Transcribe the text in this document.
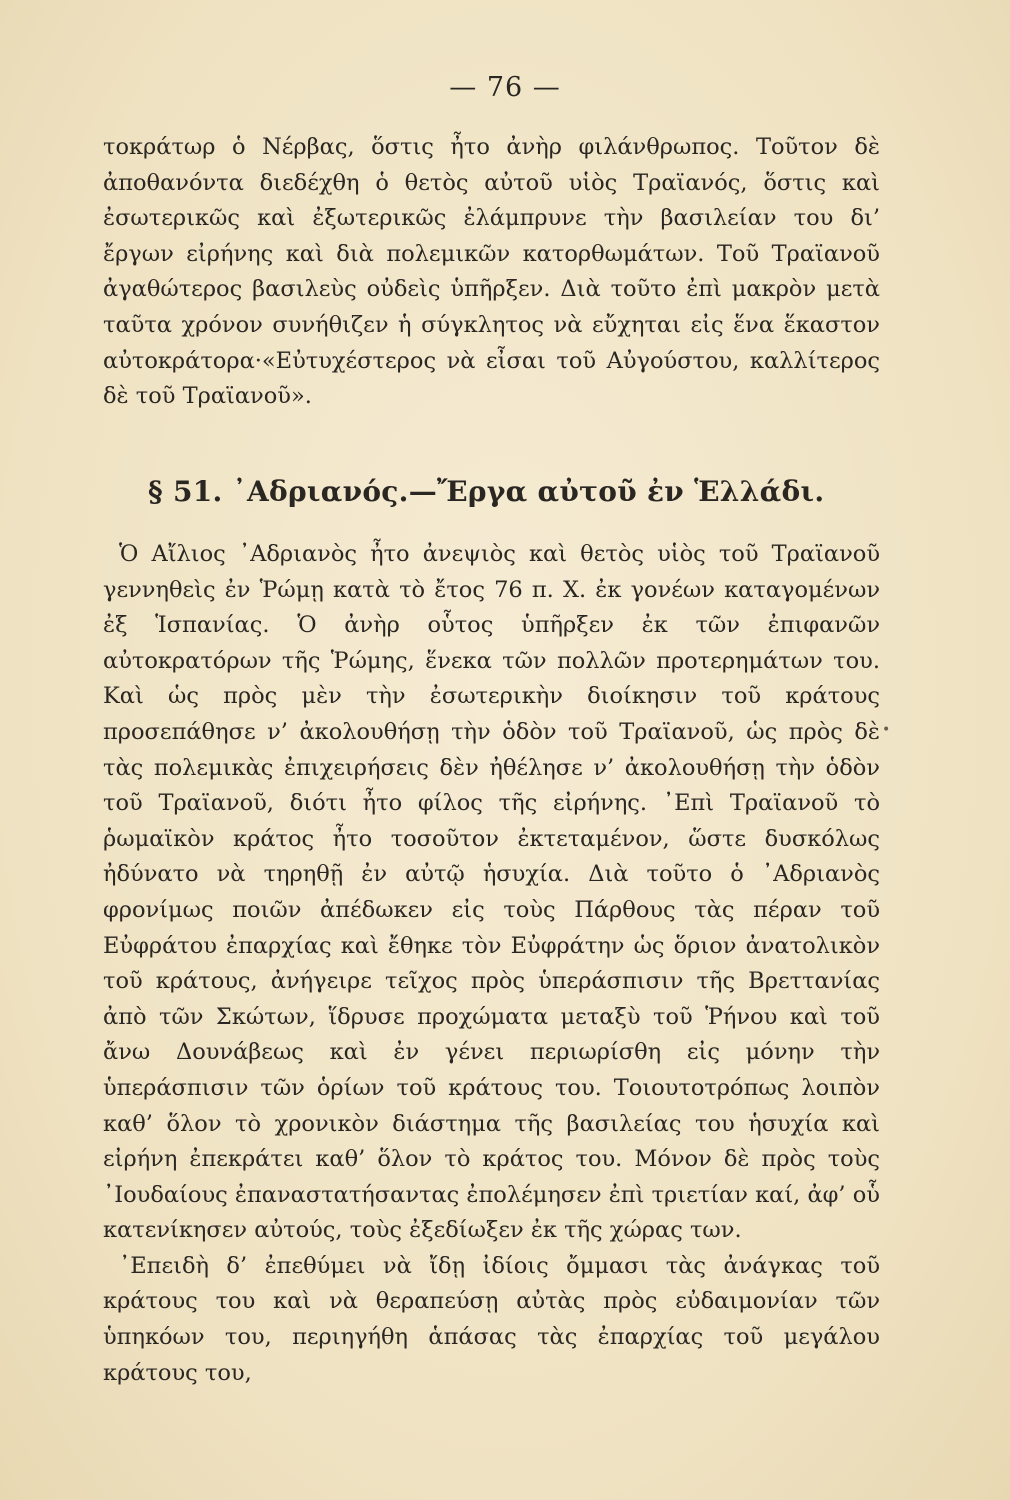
— 76 —

τοκράτωρ ὁ Νέρβας, ὅστις ἦτο ἀνὴρ φιλάνθρωπος. Τοῦτον δὲ ἀποθανόντα διεδέχθη ὁ θετὸς αὐτοῦ υἱὸς Τραϊανός, ὅστις καὶ ἐσωτερικῶς καὶ ἐξωτερικῶς ἐλάμπρυνε τὴν βασιλείαν του δι’ ἔργων εἰρήνης καὶ διὰ πολεμικῶν κατορθωμάτων. Τοῦ Τραϊανοῦ ἀγαθώτερος βασιλεὺς οὐδεὶς ὑπῆρξεν. Διὰ τοῦτο ἐπὶ μακρὸν μετὰ ταῦτα χρόνον συνήθιζεν ἡ σύγκλητος νὰ εὔχηται εἰς ἕνα ἕκαστον αὐτοκράτορα·«Εὐτυχέστερος νὰ εἶσαι τοῦ Αὐγούστου, καλλίτερος δὲ τοῦ Τραϊανοῦ».

§ 51. ᾿Αδριανός.—Ἔργα αὐτοῦ ἐν Ἑλλάδι.

Ὁ Αἴλιος ᾿Αδριανὸς ἦτο ἀνεψιὸς καὶ θετὸς υἱὸς τοῦ Τραϊανοῦ γεννηθεὶς ἐν Ῥώμῃ κατὰ τὸ ἔτος 76 π. Χ. ἐκ γονέων καταγομένων ἐξ Ἱσπανίας. Ὁ ἀνὴρ οὗτος ὑπῆρξεν ἐκ τῶν ἐπιφανῶν αὐτοκρατόρων τῆς Ῥώμης, ἕνεκα τῶν πολλῶν προτερημάτων του. Καὶ ὡς πρὸς μὲν τὴν ἐσωτερικὴν διοίκησιν τοῦ κράτους προσεπάθησε ν’ ἀκολουθήσῃ τὴν ὁδὸν τοῦ Τραϊανοῦ, ὡς πρὸς δὲ τὰς πολεμικὰς ἐπιχειρήσεις δὲν ἠθέλησε ν’ ἀκολουθήσῃ τὴν ὁδὸν τοῦ Τραϊανοῦ, διότι ἦτο φίλος τῆς εἰρήνης. ᾿Επὶ Τραϊανοῦ τὸ ῥωμαϊκὸν κράτος ἦτο τοσοῦτον ἐκτεταμένον, ὥστε δυσκόλως ἠδύνατο νὰ τηρηθῇ ἐν αὐτῷ ἡσυχία. Διὰ τοῦτο ὁ ᾿Αδριανὸς φρονίμως ποιῶν ἀπέδωκεν εἰς τοὺς Πάρθους τὰς πέραν τοῦ Εὐφράτου ἐπαρχίας καὶ ἔθηκε τὸν Εὐφράτην ὡς ὅριον ἀνατολικὸν τοῦ κράτους, ἀνήγειρε τεῖχος πρὸς ὑπεράσπισιν τῆς Βρεττανίας ἀπὸ τῶν Σκώτων, ἵδρυσε προχώματα μεταξὺ τοῦ Ῥήνου καὶ τοῦ ἄνω Δουνάβεως καὶ ἐν γένει περιωρίσθη εἰς μόνην τὴν ὑπεράσπισιν τῶν ὁρίων τοῦ κράτους του. Τοιουτοτρόπως λοιπὸν καθ’ ὅλον τὸ χρονικὸν διάστημα τῆς βασιλείας του ἡσυχία καὶ εἰρήνη ἐπεκράτει καθ’ ὅλον τὸ κράτος του. Μόνον δὲ πρὸς τοὺς ᾿Ιουδαίους ἐπαναστατήσαντας ἐπολέμησεν ἐπὶ τριετίαν καί, ἀφ’ οὗ κατενίκησεν αὐτούς, τοὺς ἐξεδίωξεν ἐκ τῆς χώρας των.

᾿Επειδὴ δ’ ἐπεθύμει νὰ ἴδῃ ἰδίοις ὄμμασι τὰς ἀνάγκας τοῦ κράτους του καὶ νὰ θεραπεύσῃ αὐτὰς πρὸς εὐδαιμονίαν τῶν ὑπηκόων του, περιηγήθη ἁπάσας τὰς ἐπαρχίας τοῦ μεγάλου κράτους του,

•
